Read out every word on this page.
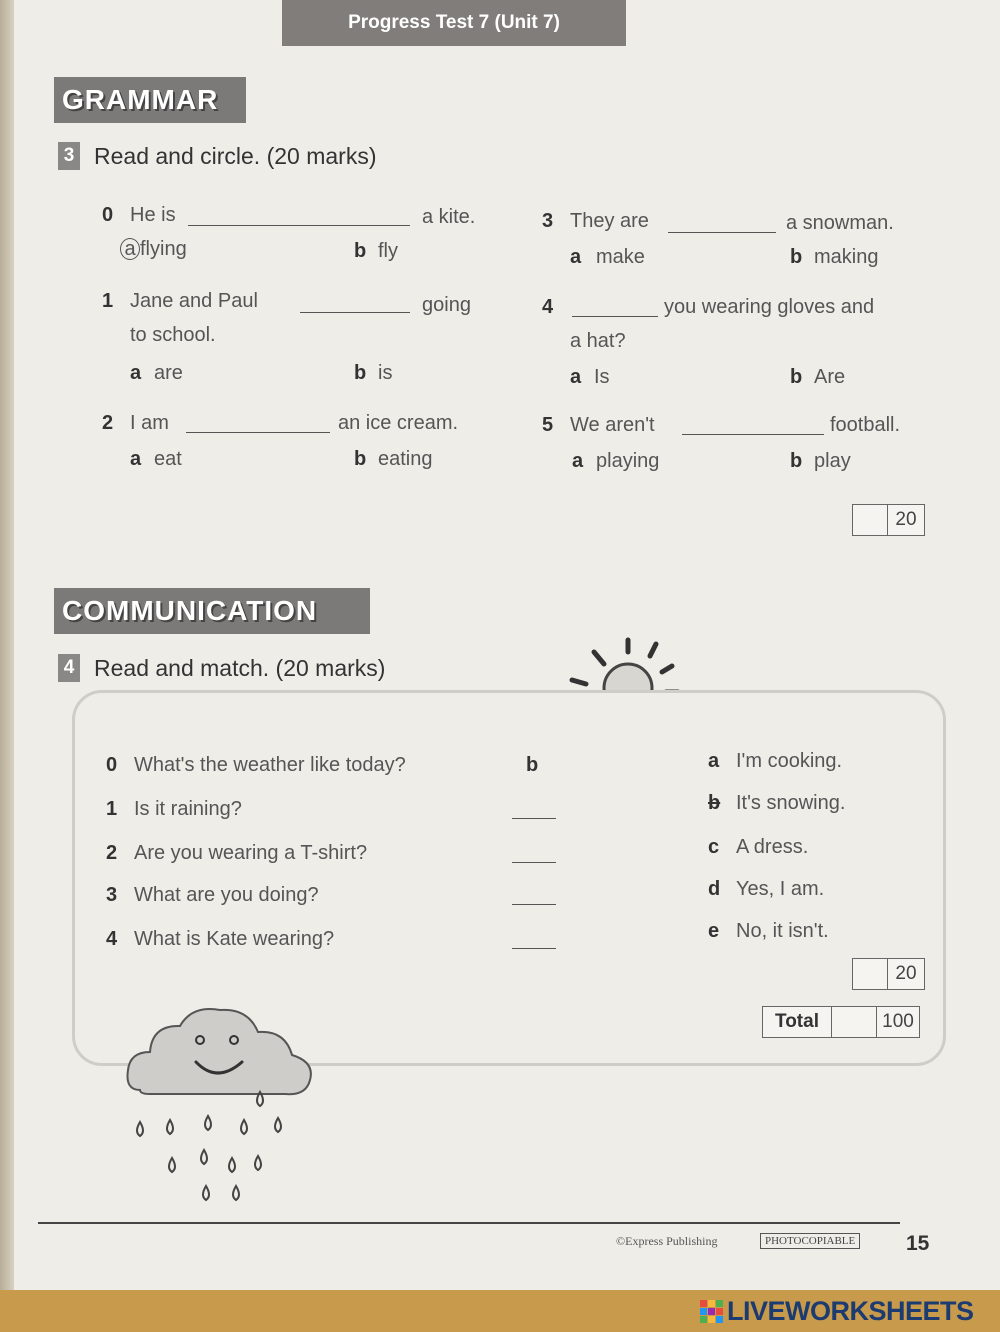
Progress Test 7 (Unit 7)
GRAMMAR
3 Read and circle. (20 marks)
0 He is	a kite.
a flying	b fly
1 Jane and Paul	going
to school.
a are	b is
2 I am	an ice cream.
a eat	b eating
3 They are	a snowman.
a make	b making
4	you wearing gloves and
a hat?
a Is	b Are
5 We aren't	football.
a playing	b play
20
COMMUNICATION
4 Read and match. (20 marks)
0 What's the weather like today?	b
1 Is it raining?
2 Are you wearing a T-shirt?
3 What are you doing?
4 What is Kate wearing?
a I'm cooking.
b It's snowing.
c A dress.
d Yes, I am.
e No, it isn't.
20
Total	100
©Express Publishing	PHOTOCOPIABLE 15
LIVEWORKSHEETS
